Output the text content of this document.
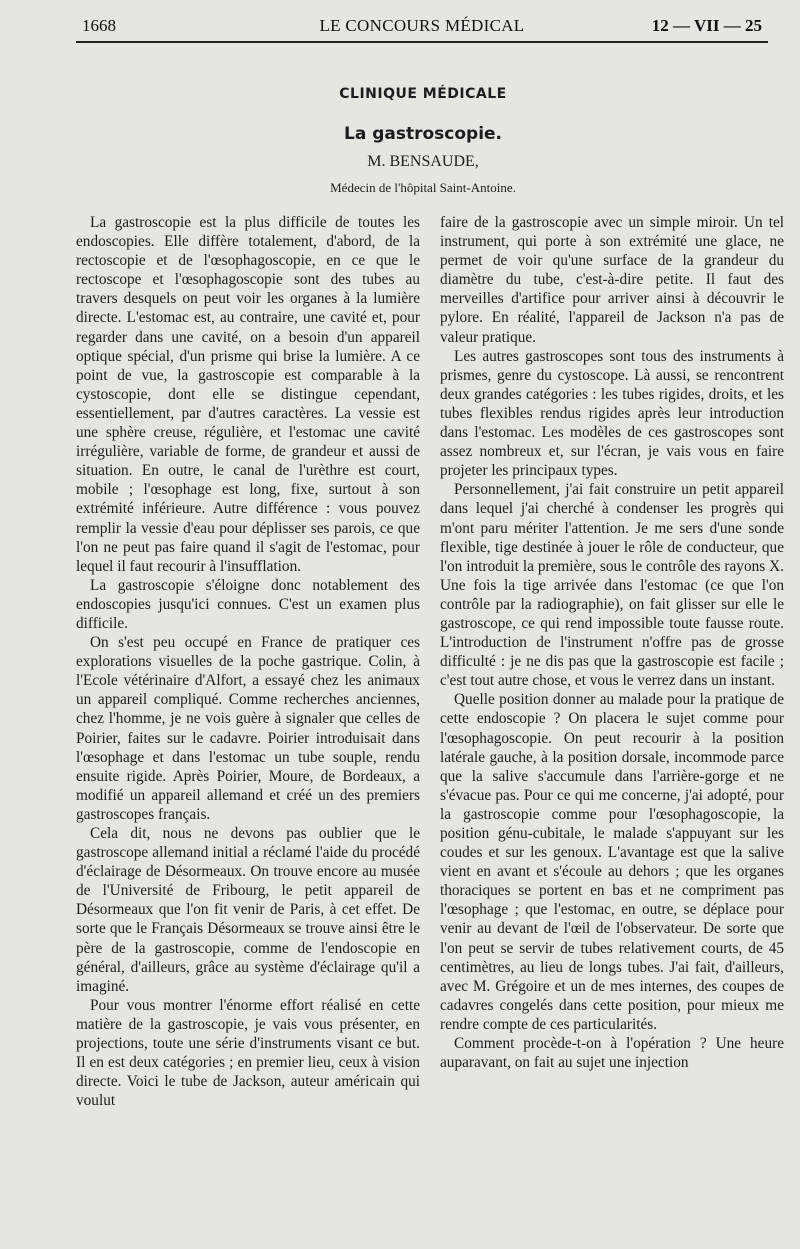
1668	LE CONCOURS MÉDICAL	12 — VII — 25
CLINIQUE MÉDICALE
La gastroscopie.
M. BENSAUDE,
Médecin de l'hôpital Saint-Antoine.

La gastroscopie est la plus difficile de toutes les endoscopies. Elle diffère totalement, d'abord, de la rectoscopie et de l'œsophagoscopie, en ce que le rectoscope et l'œsophagoscopie sont des tubes au travers desquels on peut voir les organes à la lumière directe. L'estomac est, au contraire, une cavité et, pour regarder dans une cavité, on a besoin d'un appareil optique spécial, d'un prisme qui brise la lumière. A ce point de vue, la gastroscopie est comparable à la cystoscopie, dont elle se distingue cependant, essentiellement, par d'autres caractères. La vessie est une sphère creuse, régulière, et l'estomac une cavité irrégulière, variable de forme, de grandeur et aussi de situation. En outre, le canal de l'urèthre est court, mobile ; l'œsophage est long, fixe, surtout à son extrémité inférieure. Autre différence : vous pouvez remplir la vessie d'eau pour déplisser ses parois, ce que l'on ne peut pas faire quand il s'agit de l'estomac, pour lequel il faut recourir à l'insufflation.

La gastroscopie s'éloigne donc notablement des endoscopies jusqu'ici connues. C'est un examen plus difficile.

On s'est peu occupé en France de pratiquer ces explorations visuelles de la poche gastrique. Colin, à l'Ecole vétérinaire d'Alfort, a essayé chez les animaux un appareil compliqué. Comme recherches anciennes, chez l'homme, je ne vois guère à signaler que celles de Poirier, faites sur le cadavre. Poirier introduisait dans l'œsophage et dans l'estomac un tube souple, rendu ensuite rigide. Après Poirier, Moure, de Bordeaux, a modifié un appareil allemand et créé un des premiers gastroscopes français.

Cela dit, nous ne devons pas oublier que le gastroscope allemand initial a réclamé l'aide du procédé d'éclairage de Désormeaux. On trouve encore au musée de l'Université de Fribourg, le petit appareil de Désormeaux que l'on fit venir de Paris, à cet effet. De sorte que le Français Désormeaux se trouve ainsi être le père de la gastroscopie, comme de l'endoscopie en général, d'ailleurs, grâce au système d'éclairage qu'il a imaginé.

Pour vous montrer l'énorme effort réalisé en cette matière de la gastroscopie, je vais vous présenter, en projections, toute une série d'instruments visant ce but. Il en est deux catégories ; en premier lieu, ceux à vision directe. Voici le tube de Jackson, auteur américain qui voulut

faire de la gastroscopie avec un simple miroir. Un tel instrument, qui porte à son extrémité une glace, ne permet de voir qu'une surface de la grandeur du diamètre du tube, c'est-à-dire petite. Il faut des merveilles d'artifice pour arriver ainsi à découvrir le pylore. En réalité, l'appareil de Jackson n'a pas de valeur pratique.

Les autres gastroscopes sont tous des instruments à prismes, genre du cystoscope. Là aussi, se rencontrent deux grandes catégories : les tubes rigides, droits, et les tubes flexibles rendus rigides après leur introduction dans l'estomac. Les modèles de ces gastroscopes sont assez nombreux et, sur l'écran, je vais vous en faire projeter les principaux types.

Personnellement, j'ai fait construire un petit appareil dans lequel j'ai cherché à condenser les progrès qui m'ont paru mériter l'attention. Je me sers d'une sonde flexible, tige destinée à jouer le rôle de conducteur, que l'on introduit la première, sous le contrôle des rayons X. Une fois la tige arrivée dans l'estomac (ce que l'on contrôle par la radiographie), on fait glisser sur elle le gastroscope, ce qui rend impossible toute fausse route. L'introduction de l'instrument n'offre pas de grosse difficulté : je ne dis pas que la gastroscopie est facile ; c'est tout autre chose, et vous le verrez dans un instant.

Quelle position donner au malade pour la pratique de cette endoscopie ? On placera le sujet comme pour l'œsophagoscopie. On peut recourir à la position latérale gauche, à la position dorsale, incommode parce que la salive s'accumule dans l'arrière-gorge et ne s'évacue pas. Pour ce qui me concerne, j'ai adopté, pour la gastroscopie comme pour l'œsophagoscopie, la position génu-cubitale, le malade s'appuyant sur les coudes et sur les genoux. L'avantage est que la salive vient en avant et s'écoule au dehors ; que les organes thoraciques se portent en bas et ne compriment pas l'œsophage ; que l'estomac, en outre, se déplace pour venir au devant de l'œil de l'observateur. De sorte que l'on peut se servir de tubes relativement courts, de 45 centimètres, au lieu de longs tubes. J'ai fait, d'ailleurs, avec M. Grégoire et un de mes internes, des coupes de cadavres congelés dans cette position, pour mieux me rendre compte de ces particularités.

Comment procède-t-on à l'opération ? Une heure auparavant, on fait au sujet une injection
